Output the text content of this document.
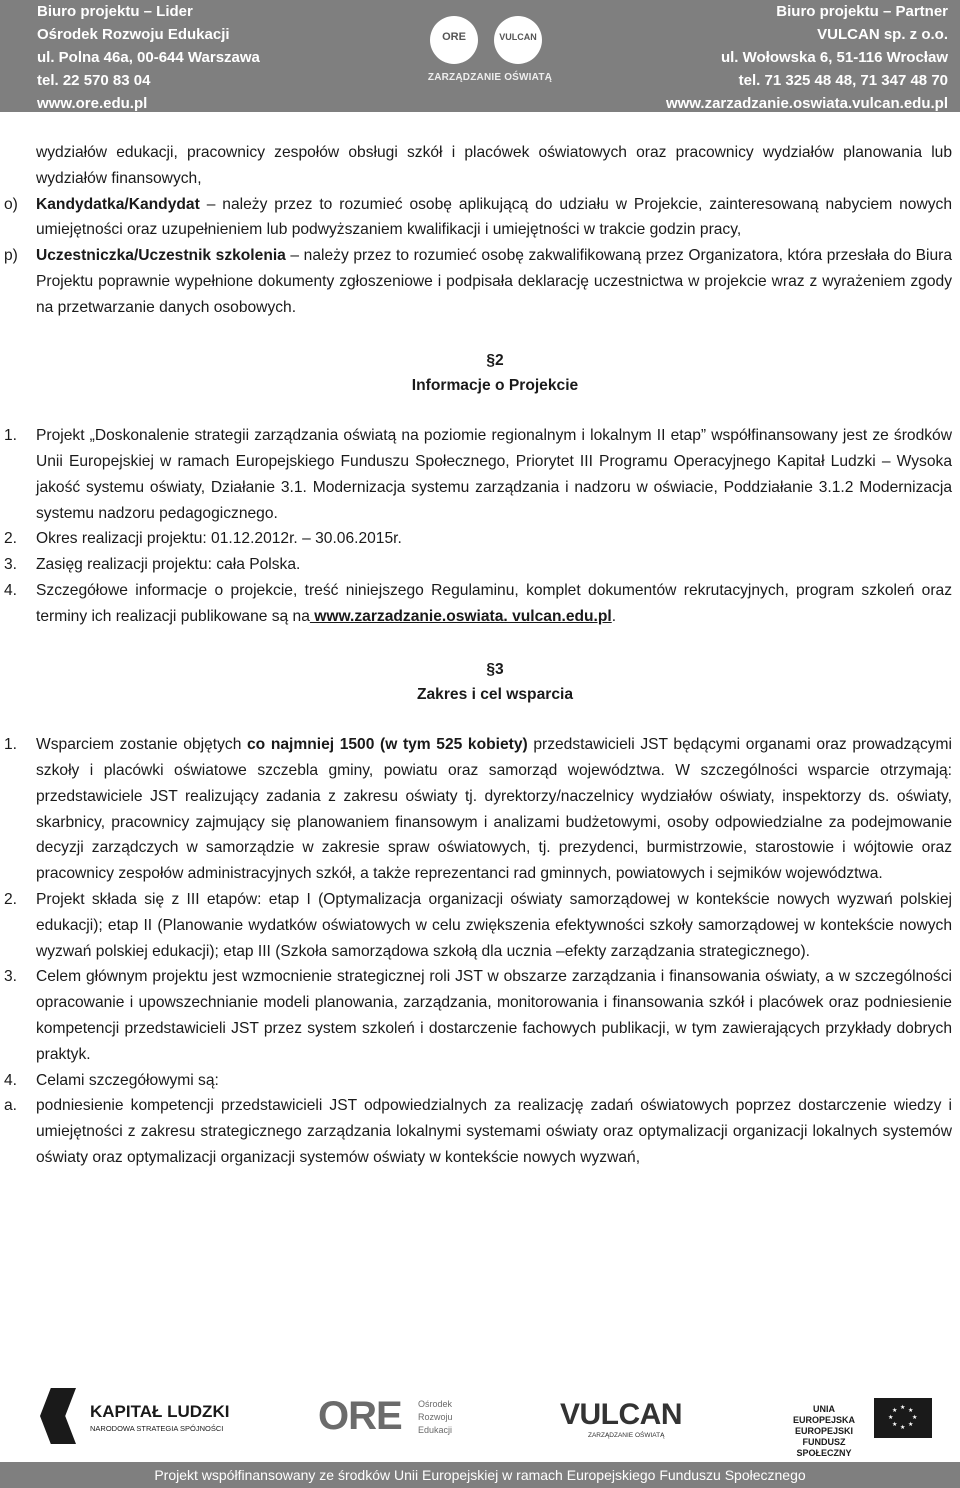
Biuro projektu – Lider
Ośrodek Rozwoju Edukacji
ul. Polna 46a, 00-644 Warszawa
tel. 22 570 83 04
www.ore.edu.pl
ORE	VULCAN
ZARZĄDZANIE OŚWIATĄ
Biuro projektu – Partner
VULCAN sp. z o.o.
ul. Wołowska 6, 51-116 Wrocław
tel. 71 325 48 48, 71 347 48 70
www.zarzadzanie.oswiata.vulcan.edu.pl
wydziałów edukacji, pracownicy zespołów obsługi szkół i placówek oświatowych oraz pracownicy wydziałów planowania lub wydziałów finansowych,
o) Kandydatka/Kandydat – należy przez to rozumieć osobę aplikującą do udziału w Projekcie, zainteresowaną nabyciem nowych umiejętności oraz uzupełnieniem lub podwyższaniem kwalifikacji i umiejętności w trakcie godzin pracy,
p) Uczestniczka/Uczestnik szkolenia – należy przez to rozumieć osobę zakwalifikowaną przez Organizatora, która przesłała do Biura Projektu poprawnie wypełnione dokumenty zgłoszeniowe i podpisała deklarację uczestnictwa w projekcie wraz z wyrażeniem zgody na przetwarzanie danych osobowych.
§2
Informacje o Projekcie
1. Projekt „Doskonalenie strategii zarządzania oświatą na poziomie regionalnym i lokalnym II etap” współfinansowany jest ze środków Unii Europejskiej w ramach Europejskiego Funduszu Społecznego, Priorytet III Programu Operacyjnego Kapitał Ludzki – Wysoka jakość systemu oświaty, Działanie 3.1. Modernizacja systemu zarządzania i nadzoru w oświacie, Poddziałanie 3.1.2 Modernizacja systemu nadzoru pedagogicznego.
2. Okres realizacji projektu: 01.12.2012r. – 30.06.2015r.
3. Zasięg realizacji projektu: cała Polska.
4. Szczegółowe informacje o projekcie, treść niniejszego Regulaminu, komplet dokumentów rekrutacyjnych, program szkoleń oraz terminy ich realizacji publikowane są na www.zarzadzanie.oswiata. vulcan.edu.pl.
§3
Zakres i cel wsparcia
1. Wsparciem zostanie objętych co najmniej 1500 (w tym 525 kobiety) przedstawicieli JST będącymi organami oraz prowadzącymi szkoły i placówki oświatowe szczebla gminy, powiatu oraz samorząd województwa. W szczególności wsparcie otrzymają: przedstawiciele JST realizujący zadania z zakresu oświaty tj. dyrektorzy/naczelnicy wydziałów oświaty, inspektorzy ds. oświaty, skarbnicy, pracownicy zajmujący się planowaniem finansowym i analizami budżetowymi, osoby odpowiedzialne za podejmowanie decyzji zarządczych w samorządzie w zakresie spraw oświatowych, tj. prezydenci, burmistrzowie, starostowie i wójtowie oraz pracownicy zespołów administracyjnych szkół, a także reprezentanci rad gminnych, powiatowych i sejmików województwa.
2. Projekt składa się z III etapów: etap I (Optymalizacja organizacji oświaty samorządowej w kontekście nowych wyzwań polskiej edukacji); etap II (Planowanie wydatków oświatowych w celu zwiększenia efektywności szkoły samorządowej w kontekście nowych wyzwań polskiej edukacji); etap III (Szkoła samorządowa szkołą dla ucznia –efekty zarządzania strategicznego).
3. Celem głównym projektu jest wzmocnienie strategicznej roli JST w obszarze zarządzania i finansowania oświaty, a w szczególności opracowanie i upowszechnianie modeli planowania, zarządzania, monitorowania i finansowania szkół i placówek oraz podniesienie kompetencji przedstawicieli JST przez system szkoleń i dostarczenie fachowych publikacji, w tym zawierających przykłady dobrych praktyk.
4. Celami szczegółowymi są:
a. podniesienie kompetencji przedstawicieli JST odpowiedzialnych za realizację zadań oświatowych poprzez dostarczenie wiedzy i umiejętności z zakresu strategicznego zarządzania lokalnymi systemami oświaty oraz optymalizacji organizacji lokalnych systemów oświaty oraz optymalizacji organizacji systemów oświaty w kontekście nowych wyzwań,
KAPITAŁ LUDZKI
NARODOWA STRATEGIA SPÓJNOŚCI ORE Ośrodek
Rozwoju
Edukacji	VULCAN
ZARZĄDZANIE OŚWIATĄ
UNIA EUROPEJSKA
EUROPEJSKI
FUNDUSZ SPOŁECZNY
★ ★
★
★
★
★
★
★
Projekt współfinansowany ze środków Unii Europejskiej w ramach Europejskiego Funduszu Społecznego
